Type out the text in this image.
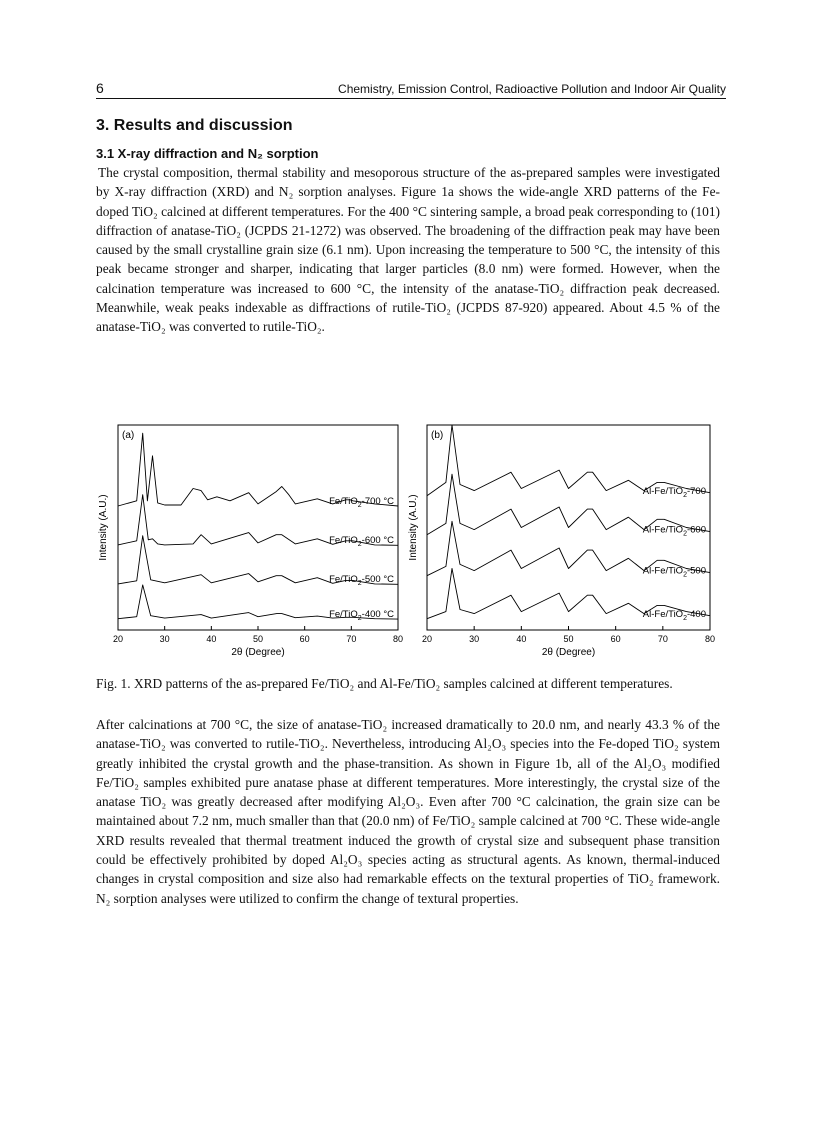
6	Chemistry, Emission Control, Radioactive Pollution and Indoor Air Quality
3. Results and discussion
3.1 X-ray diffraction and N₂ sorption
The crystal composition, thermal stability and mesoporous structure of the as-prepared samples were investigated by X-ray diffraction (XRD) and N₂ sorption analyses. Figure 1a shows the wide-angle XRD patterns of the Fe-doped TiO₂ calcined at different temperatures. For the 400 °C sintering sample, a broad peak corresponding to (101) diffraction of anatase-TiO₂ (JCPDS 21-1272) was observed. The broadening of the diffraction peak may have been caused by the small crystalline grain size (6.1 nm). Upon increasing the temperature to 500 °C, the intensity of this peak became stronger and sharper, indicating that larger particles (8.0 nm) were formed. However, when the calcination temperature was increased to 600 °C, the intensity of the anatase-TiO₂ diffraction peak decreased. Meanwhile, weak peaks indexable as diffractions of rutile-TiO₂ (JCPDS 87-920) appeared. About 4.5 % of the anatase-TiO₂ was converted to rutile-TiO₂.
(a)
20	30	40	50	60	70	80
2θ (Degree)
Intensity (A.U.)
Fe/TiO$_2$-400 °C
Fe/TiO$_2$-500 °C
Fe/TiO$_2$-600 °C
Fe/TiO$_2$-700 °C
(b)
20	30	40	50	60	70	80
2θ (Degree)
Intensity (A.U.)
Al-Fe/TiO$_2$-400
Al-Fe/TiO$_2$-500
Al-Fe/TiO$_2$-600
Al-Fe/TiO$_2$-700
Fig. 1. XRD patterns of the as-prepared Fe/TiO₂ and Al-Fe/TiO₂ samples calcined at different temperatures.
After calcinations at 700 °C, the size of anatase-TiO₂ increased dramatically to 20.0 nm, and nearly 43.3 % of the anatase-TiO₂ was converted to rutile-TiO₂. Nevertheless, introducing Al₂O₃ species into the Fe-doped TiO₂ system greatly inhibited the crystal growth and the phase-transition. As shown in Figure 1b, all of the Al₂O₃ modified Fe/TiO₂ samples exhibited pure anatase phase at different temperatures. More interestingly, the crystal size of the anatase TiO₂ was greatly decreased after modifying Al₂O₃. Even after 700 °C calcination, the grain size can be maintained about 7.2 nm, much smaller than that (20.0 nm) of Fe/TiO₂ sample calcined at 700 °C. These wide-angle XRD results revealed that thermal treatment induced the growth of crystal size and subsequent phase transition could be effectively prohibited by doped Al₂O₃ species acting as structural agents. As known, thermal-induced changes in crystal composition and size also had remarkable effects on the textural properties of TiO₂ framework. N₂ sorption analyses were utilized to confirm the change of textural properties.
